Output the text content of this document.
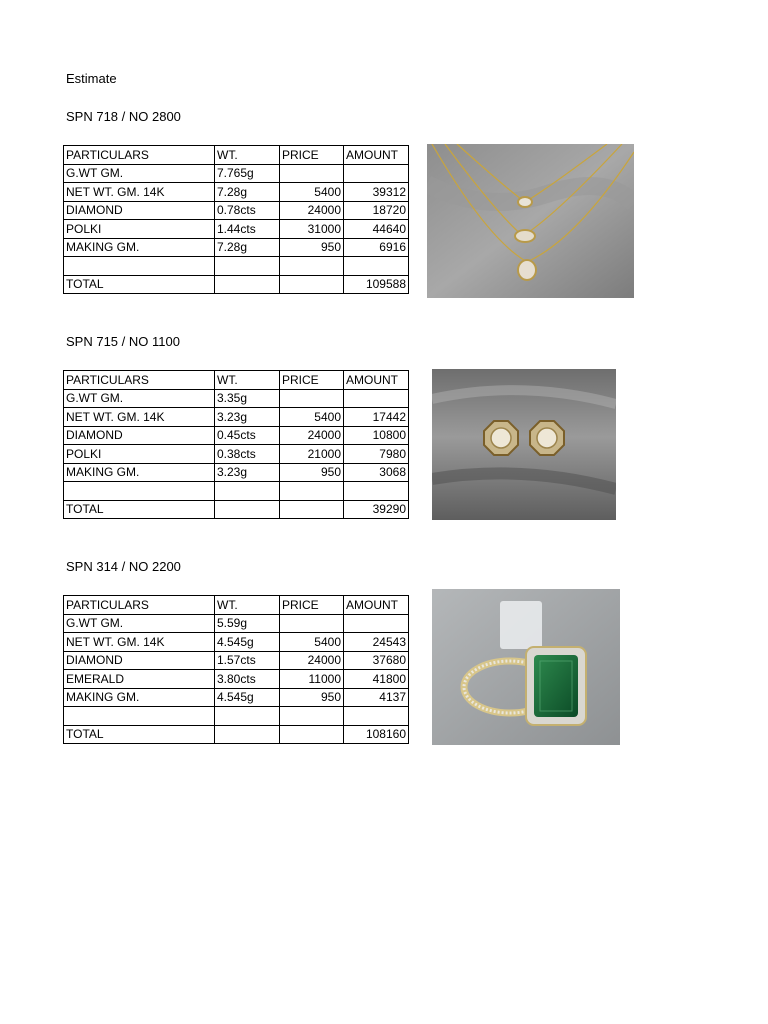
Estimate
SPN 718 / NO 2800
PARTICULARS	WT.	PRICE	AMOUNT
G.WT GM.	7.765g		
NET WT. GM. 14K	7.28g	5400	39312
DIAMOND	0.78cts	24000	18720
POLKI	1.44cts	31000	44640
MAKING GM.	7.28g	950	6916

TOTAL			109588
SPN 715 / NO 1100
PARTICULARS	WT.	PRICE	AMOUNT
G.WT GM.	3.35g		
NET WT. GM. 14K	3.23g	5400	17442
DIAMOND	0.45cts	24000	10800
POLKI	0.38cts	21000	7980
MAKING GM.	3.23g	950	3068

TOTAL			39290
SPN 314 / NO 2200
PARTICULARS	WT.	PRICE	AMOUNT
G.WT GM.	5.59g		
NET WT. GM. 14K	4.545g	5400	24543
DIAMOND	1.57cts	24000	37680
EMERALD	3.80cts	11000	41800
MAKING GM.	4.545g	950	4137

TOTAL			108160
